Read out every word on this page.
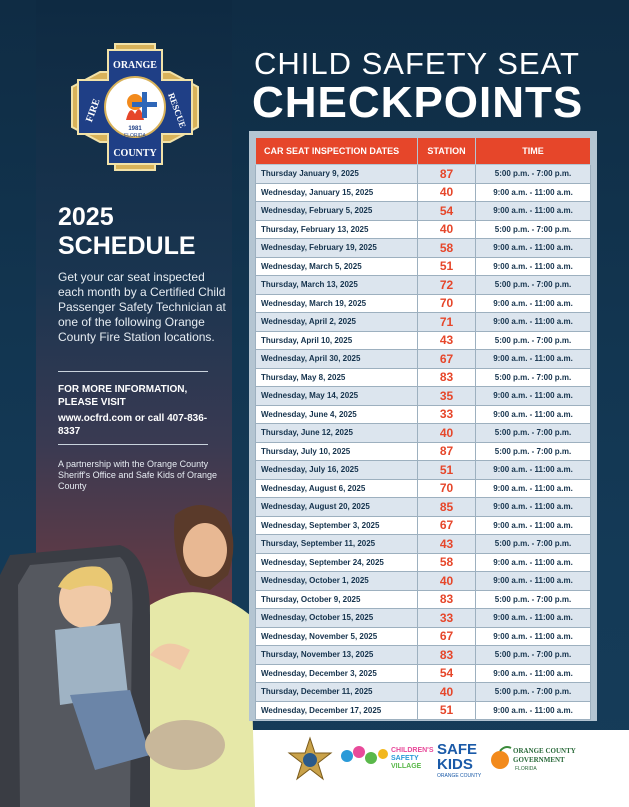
ORANGE
FIRE	RESCUE
COUNTY
1981
FLORIDA
CHILD SAFETY SEAT
CHECKPOINTS
2025
SCHEDULE
Get your car seat inspected each month by a Certified Child Passenger Safety Technician at one of the following Orange County Fire Station locations.
FOR MORE INFORMATION, PLEASE VISIT
www.ocfrd.com or call 407-836-8337
A partnership with the Orange County Sheriff's Office and Safe Kids of Orange County
CAR SEAT INSPECTION DATES	STATION	TIME
Thursday January 9, 2025	87	5:00 p.m. - 7:00 p.m.
Wednesday, January 15, 2025	40	9:00 a.m. - 11:00 a.m.
Wednesday, February 5, 2025	54	9:00 a.m. - 11:00 a.m.
Thursday, February 13, 2025	40	5:00 p.m. - 7:00 p.m.
Wednesday, February 19, 2025	58	9:00 a.m. - 11:00 a.m.
Wednesday, March 5, 2025	51	9:00 a.m. - 11:00 a.m.
Thursday, March 13, 2025	72	5:00 p.m. - 7:00 p.m.
Wednesday, March 19, 2025	70	9:00 a.m. - 11:00 a.m.
Wednesday, April 2, 2025	71	9:00 a.m. - 11:00 a.m.
Thursday, April 10, 2025	43	5:00 p.m. - 7:00 p.m.
Wednesday, April 30, 2025	67	9:00 a.m. - 11:00 a.m.
Thursday, May 8, 2025	83	5:00 p.m. - 7:00 p.m.
Wednesday, May 14, 2025	35	9:00 a.m. - 11:00 a.m.
Wednesday, June 4, 2025	33	9:00 a.m. - 11:00 a.m.
Thursday, June 12, 2025	40	5:00 p.m. - 7:00 p.m.
Thursday, July 10, 2025	87	5:00 p.m. - 7:00 p.m.
Wednesday, July 16, 2025	51	9:00 a.m. - 11:00 a.m.
Wednesday, August 6, 2025	70	9:00 a.m. - 11:00 a.m.
Wednesday, August 20, 2025	85	9:00 a.m. - 11:00 a.m.
Wednesday, September 3, 2025	67	9:00 a.m. - 11:00 a.m.
Thursday, September 11, 2025	43	5:00 p.m. - 7:00 p.m.
Wednesday, September 24, 2025	58	9:00 a.m. - 11:00 a.m.
Wednesday, October 1, 2025	40	9:00 a.m. - 11:00 a.m.
Thursday, October 9, 2025	83	5:00 p.m. - 7:00 p.m.
Wednesday, October 15, 2025	33	9:00 a.m. - 11:00 a.m.
Wednesday, November 5, 2025	67	9:00 a.m. - 11:00 a.m.
Thursday, November 13, 2025	83	5:00 p.m. - 7:00 p.m.
Wednesday, December 3, 2025	54	9:00 a.m. - 11:00 a.m.
Thursday, December 11, 2025	40	5:00 p.m. - 7:00 p.m.
Wednesday, December 17, 2025	51	9:00 a.m. - 11:00 a.m.
CHILDREN'S
SAFETY
VILLAGE
SAFE
KIDS
ORANGE COUNTY
ORANGE COUNTY
GOVERNMENT
FLORIDA
